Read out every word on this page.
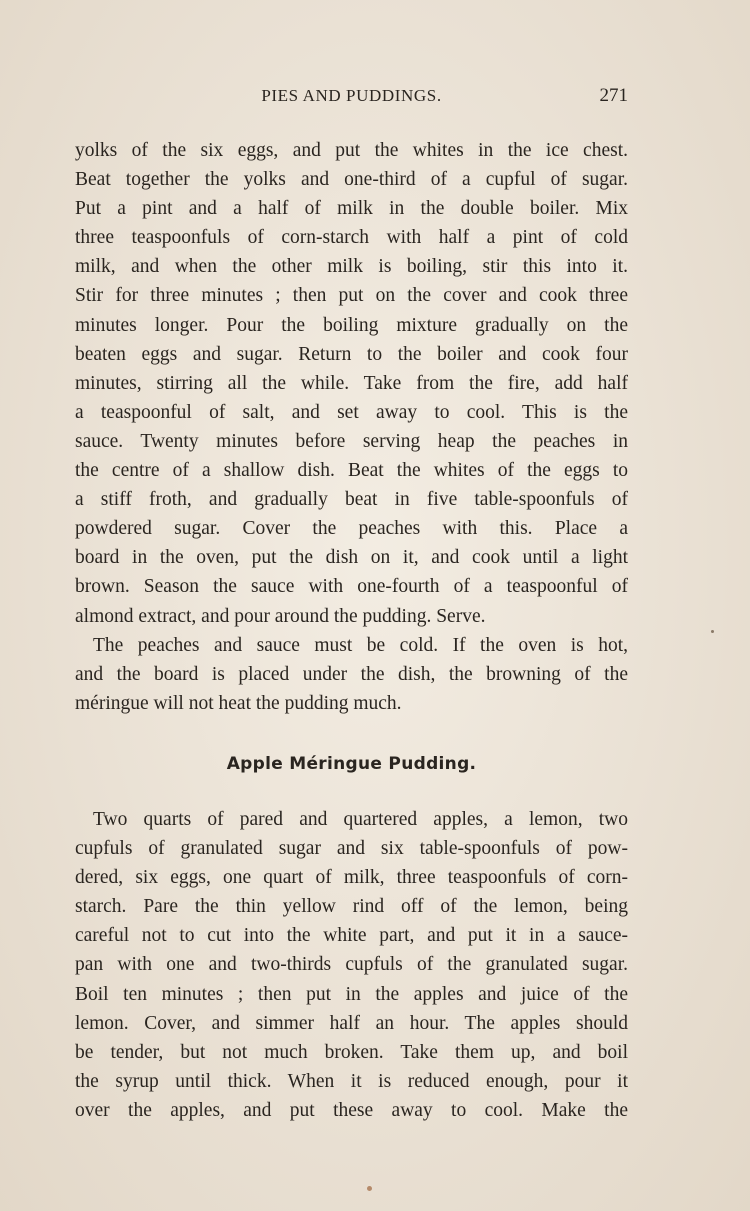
PIES AND PUDDINGS.	271

yolks of the six eggs, and put the whites in the ice chest.
Beat together the yolks and one-third of a cupful of sugar.
Put a pint and a half of milk in the double boiler. Mix
three teaspoonfuls of corn-starch with half a pint of cold
milk, and when the other milk is boiling, stir this into it.
Stir for three minutes ; then put on the cover and cook three
minutes longer. Pour the boiling mixture gradually on the
beaten eggs and sugar. Return to the boiler and cook four
minutes, stirring all the while. Take from the fire, add half
a teaspoonful of salt, and set away to cool. This is the
sauce. Twenty minutes before serving heap the peaches in
the centre of a shallow dish. Beat the whites of the eggs to
a stiff froth, and gradually beat in five table-spoonfuls of
powdered sugar. Cover the peaches with this. Place a
board in the oven, put the dish on it, and cook until a light
brown. Season the sauce with one-fourth of a teaspoonful of
almond extract, and pour around the pudding. Serve.

The peaches and sauce must be cold. If the oven is hot,
and the board is placed under the dish, the browning of the
méringue will not heat the pudding much.

Apple Méringue Pudding.

Two quarts of pared and quartered apples, a lemon, two
cupfuls of granulated sugar and six table-spoonfuls of pow-
dered, six eggs, one quart of milk, three teaspoonfuls of corn-
starch. Pare the thin yellow rind off of the lemon, being
careful not to cut into the white part, and put it in a sauce-
pan with one and two-thirds cupfuls of the granulated sugar.
Boil ten minutes ; then put in the apples and juice of the
lemon. Cover, and simmer half an hour. The apples should
be tender, but not much broken. Take them up, and boil
the syrup until thick. When it is reduced enough, pour it
over the apples, and put these away to cool. Make the
